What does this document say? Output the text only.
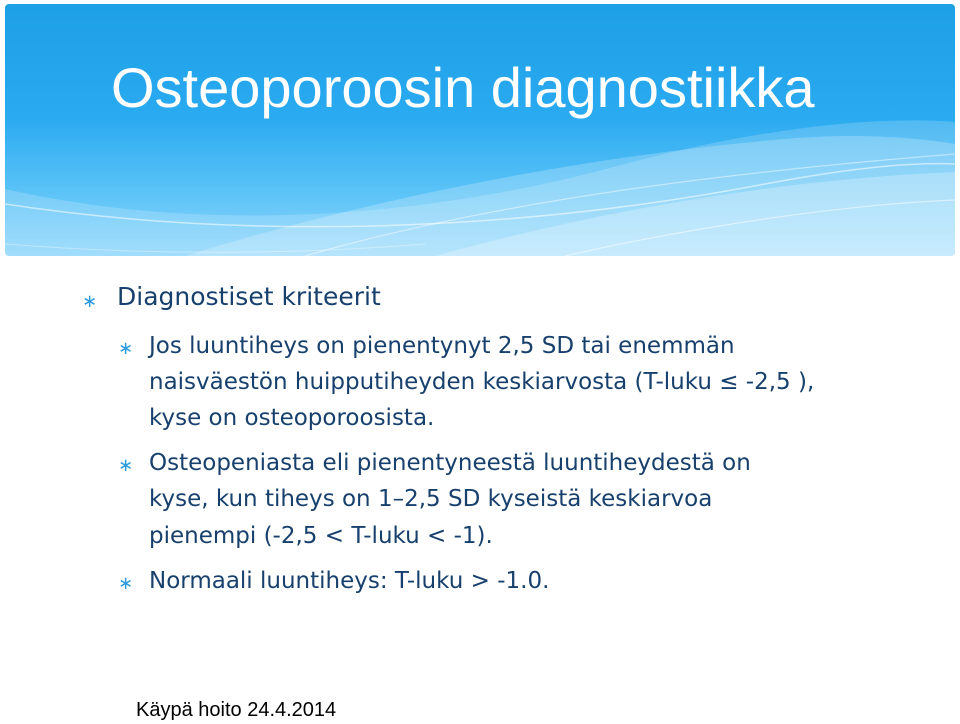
Osteoporoosin diagnostiikka
∗ Diagnostiset kriteerit

∗ Jos luuntiheys on pienentynyt 2,5 SD tai enemmän

naisväestön huipputiheyden keskiarvosta (T-luku ≤ -2,5 ),

kyse on osteoporoosista.

∗ Osteopeniasta eli pienentyneestä luuntiheydestä on

kyse, kun tiheys on 1–2,5 SD kyseistä keskiarvoa

pienempi (-2,5 < T-luku < -1).

∗ Normaali luuntiheys: T-luku > -1.0.

Käypä hoito 24.4.2014
